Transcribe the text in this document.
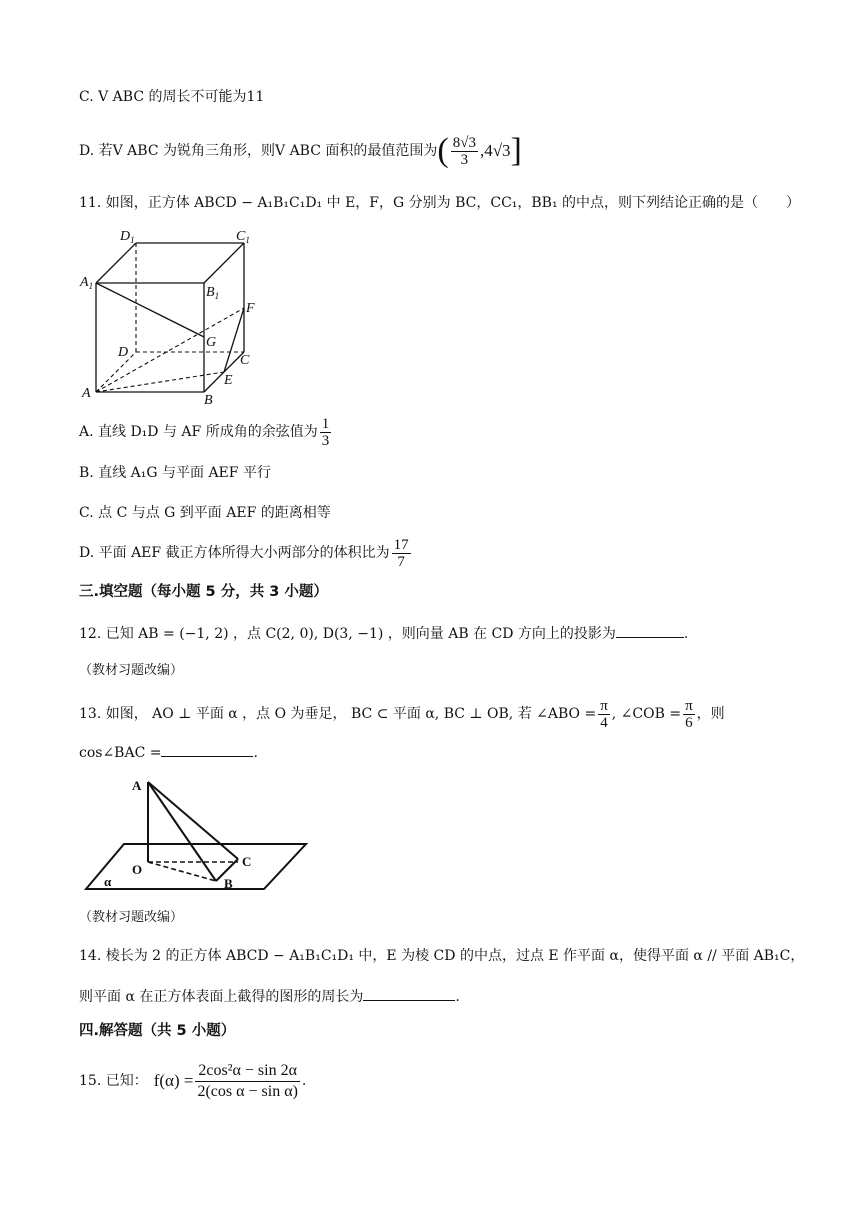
C. V ABC 的周长不可能为11
D. 若V ABC 为锐角三角形，则V ABC 面积的最值范围为 ( $\frac{8√3}{3} ,4√3$ ]
11. 如图，正方体 ABCD − A₁B₁C₁D₁ 中 E，F，G 分别为 BC，CC₁，BB₁ 的中点，则下列结论正确的是（　　）
$D_1$	$C_1$
$A_1$	$B_1$
F
G
D
C
E
A	B
A. 直线 D₁D 与 AF 所成角的余弦值为 $\frac{1}{3}$
B. 直线 A₁G 与平面 AEF 平行
C. 点 C 与点 G 到平面 AEF 的距离相等
D. 平面 AEF 截正方体所得大小两部分的体积比为 $\frac{17}{7}$
三.填空题（每小题 5 分，共 3 小题）
12. 已知 AB = (−1, 2) ，点 C(2, 0), D(3, −1) ，则向量 AB 在 CD 方向上的投影为	.
（教材习题改编）
13. 如图， AO ⊥ 平面 α ，点 O 为垂足， BC ⊂ 平面 α, BC ⊥ OB, 若 ∠ABO = $\frac{\pi}{4}$ , ∠COB = $\frac{\pi}{6}$ ，则
cos∠BAC =	.
A
O
C
B
α
（教材习题改编）
14. 棱长为 2 的正方体 ABCD − A₁B₁C₁D₁ 中，E 为棱 CD 的中点，过点 E 作平面 α，使得平面 α // 平面 AB₁C，
则平面 α 在正方体表面上截得的图形的周长为	.
四.解答题（共 5 小题）
15. 已知： $f(\alpha) = \frac{\text{2cos²α − sin 2α}}{\text{2(cos α − sin α)}}$ .
